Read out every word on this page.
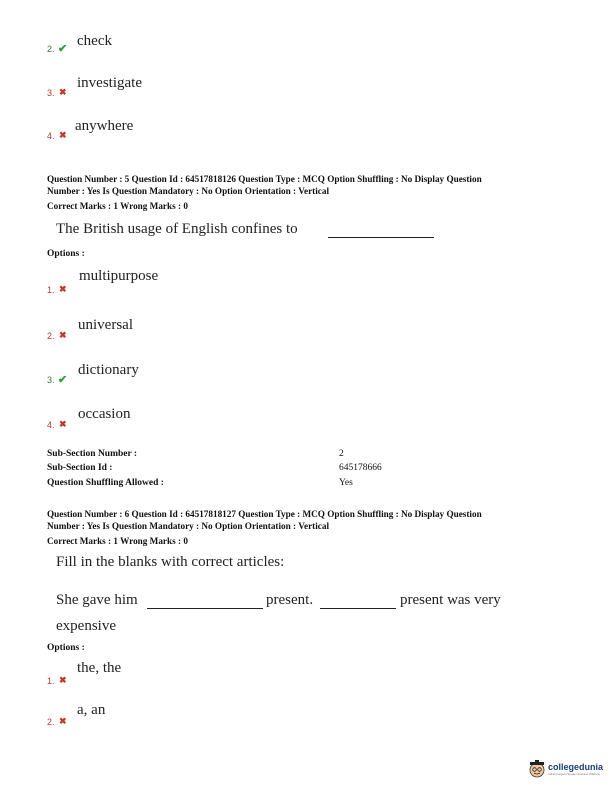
2. ✔ check
3. ✖
investigate
4. ✖
anywhere
Question Number : 5 Question Id : 64517818126 Question Type : MCQ Option Shuffling : No Display Question
Number : Yes Is Question Mandatory : No Option Orientation : Vertical
Correct Marks : 1 Wrong Marks : 0
The British usage of English confines to
Options :
1. ✖
multipurpose
2. ✖
universal
3. ✔
dictionary
4. ✖
occasion
Sub-Section Number :	2
Sub-Section Id :	645178666
Question Shuffling Allowed :	Yes
Question Number : 6 Question Id : 64517818127 Question Type : MCQ Option Shuffling : No Display Question
Number : Yes Is Question Mandatory : No Option Orientation : Vertical
Correct Marks : 1 Wrong Marks : 0
Fill in the blanks with correct articles:
She gave him	present.	present was very
expensive
Options :
1. ✖
the, the
2. ✖
a, an
collegedunia
India's largest Student Review Platform
